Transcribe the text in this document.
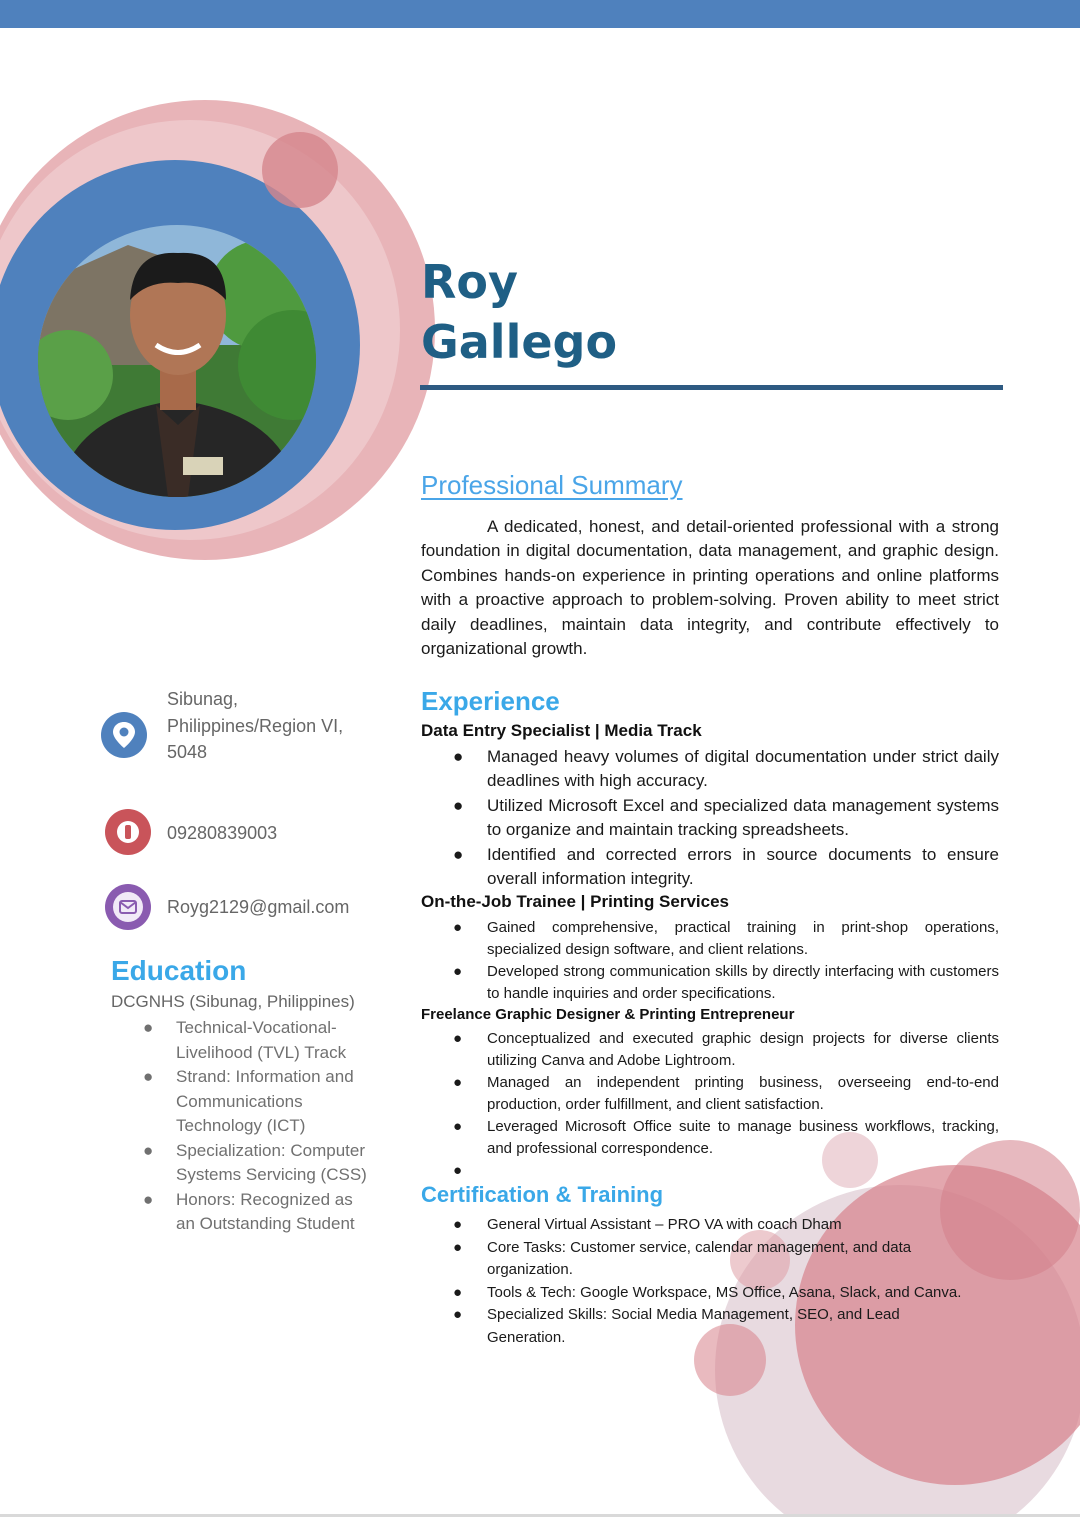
Roy
Gallego
Professional Summary

A dedicated, honest, and detail-oriented professional with a strong foundation in digital documentation, data management, and graphic design. Combines hands-on experience in printing operations and online platforms with a proactive approach to problem-solving. Proven ability to meet strict daily deadlines, maintain data integrity, and contribute effectively to organizational growth.

Experience
Data Entry Specialist | Media Track
● Managed heavy volumes of digital documentation under strict daily deadlines with high accuracy.
● Utilized Microsoft Excel and specialized data management systems to organize and maintain tracking spreadsheets.
● Identified and corrected errors in source documents to ensure overall information integrity.
On-the-Job Trainee | Printing Services
● Gained comprehensive, practical training in print-shop operations, specialized design software, and client relations.
● Developed strong communication skills by directly interfacing with customers to handle inquiries and order specifications.
Freelance Graphic Designer & Printing Entrepreneur
● Conceptualized and executed graphic design projects for diverse clients utilizing Canva and Adobe Lightroom.
● Managed an independent printing business, overseeing end-to-end production, order fulfillment, and client satisfaction.
● Leveraged Microsoft Office suite to manage business workflows, tracking, and professional correspondence.
●

Certification & Training
● General Virtual Assistant – PRO VA with coach Dham
● Core Tasks: Customer service, calendar management, and data organization.
● Tools & Tech: Google Workspace, MS Office, Asana, Slack, and Canva.
● Specialized Skills: Social Media Management, SEO, and Lead Generation.
Sibunag, Philippines/Region VI, 5048
09280839003
Royg2129@gmail.com
Education
DCGNHS (Sibunag, Philippines)
● Technical-Vocational-Livelihood (TVL) Track
● Strand: Information and Communications Technology (ICT)
● Specialization: Computer Systems Servicing (CSS)
● Honors: Recognized as an Outstanding Student
